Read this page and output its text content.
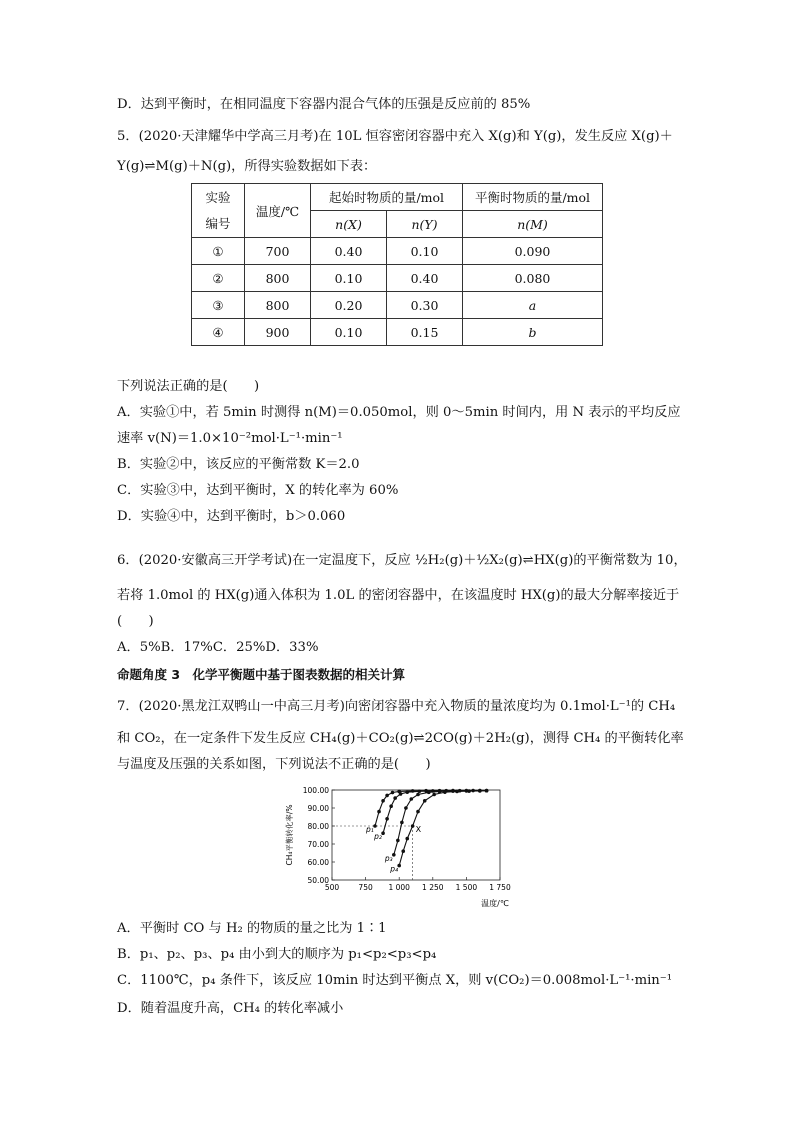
D．达到平衡时，在相同温度下容器内混合气体的压强是反应前的 85%
5．(2020·天津耀华中学高三月考)在 10L 恒容密闭容器中充入 X(g)和 Y(g)，发生反应 X(g)＋
Y(g)⇌M(g)＋N(g)，所得实验数据如下表：
实验
编号	温度/℃	起始时物质的量/mol		平衡时物质的量/mol
		n(X)	n(Y)	n(M)
①	700	0.40	0.10	0.090
②	800	0.10	0.40	0.080
③	800	0.20	0.30	a
④	900	0.10	0.15	b
下列说法正确的是(　　)
A．实验①中，若 5min 时测得 n(M)＝0.050mol，则 0～5min 时间内，用 N 表示的平均反应
速率 v(N)＝1.0×10⁻²mol·L⁻¹·min⁻¹
B．实验②中，该反应的平衡常数 K＝2.0
C．实验③中，达到平衡时，X 的转化率为 60%
D．实验④中，达到平衡时，b＞0.060
6．(2020·安徽高三开学考试)在一定温度下，反应 ½H₂(g)＋½X₂(g)⇌HX(g)的平衡常数为 10，
若将 1.0mol 的 HX(g)通入体积为 1.0L 的密闭容器中，在该温度时 HX(g)的最大分解率接近于
(　　)
A．5%B．17%C．25%D．33%
命题角度 3　化学平衡题中基于图表数据的相关计算
7．(2020·黑龙江双鸭山一中高三月考)向密闭容器中充入物质的量浓度均为 0.1mol·L⁻¹的 CH₄
和 CO₂，在一定条件下发生反应 CH₄(g)＋CO₂(g)⇌2CO(g)＋2H₂(g)，测得 CH₄ 的平衡转化率
与温度及压强的关系如图，下列说法不正确的是(　　)
50.00
60.00
70.00
80.00
90.00
100.00
500	750 1 000 1 250 1 500 1 750
温度/℃
CH₄平衡转化率/%	X
p₁
p₂
p₃
p₄
A．平衡时 CO 与 H₂ 的物质的量之比为 1∶1
B．p₁、p₂、p₃、p₄ 由小到大的顺序为 p₁<p₂<p₃<p₄
C．1100℃，p₄ 条件下，该反应 10min 时达到平衡点 X，则 v(CO₂)＝0.008mol·L⁻¹·min⁻¹
D．随着温度升高，CH₄ 的转化率减小
